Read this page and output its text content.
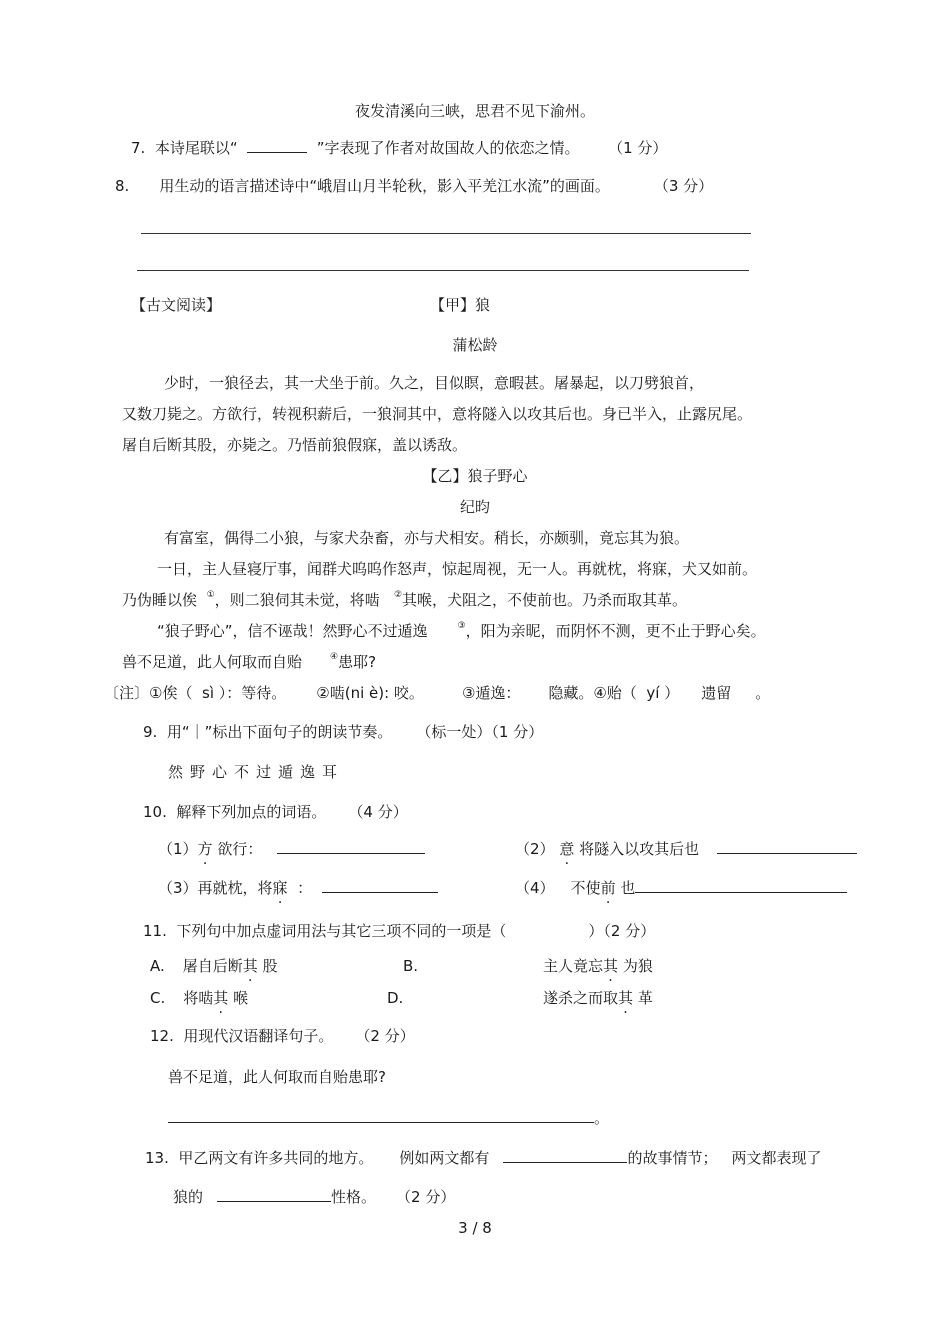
夜发清溪向三峡，思君不见下渝州。
7. 本诗尾联以“	”字表现了作者对故国故人的依恋之情。 （1 分）
8. 用生动的语言描述诗中“峨眉山月半轮秋，影入平羌江水流”的画面。	（3 分）
【古文阅读】	【甲】狼
蒲松龄
少时，一狼径去，其一犬坐于前。久之，目似瞑，意暇甚。屠暴起，以刀劈狼首，
又数刀毙之。方欲行，转视积薪后，一狼洞其中，意将隧入以攻其后也。身已半入，止露尻尾。
屠自后断其股，亦毙之。乃悟前狼假寐，盖以诱敌。
【乙】狼子野心
纪昀
有富室，偶得二小狼，与家犬杂畜，亦与犬相安。稍长，亦颇驯，竟忘其为狼。
一日，主人昼寝厅事，闻群犬呜呜作怒声，惊起周视，无一人。再就枕，将寐，犬又如前。
乃伪睡以俟 ①，则二狼伺其未觉，将啮 ②其喉，犬阻之，不使前也。乃杀而取其革。
“狼子野心”，信不诬哉！然野心不过遁逸	③，阳为亲昵，而阴怀不测，更不止于野心矣。
兽不足道，此人何取而自贻	④患耶?
〔注〕①俟（ sì ）：等待。 ②啮(ni è): 咬。	③遁逸： 隐藏。④贻（ yí ） 遗留 。
9. 用“｜”标出下面句子的朗读节奏。 （标一处）（1 分）
然 野 心 不 过 遁 逸 耳
10. 解释下列加点的词语。 （4 分）
（1）方 欲行：	（2） 意 将隧入以攻其后也
（3）再就枕，将寐 ：	（4） 不使前 也
11. 下列句中加点虚词用法与其它三项不同的一项是（	）（2 分）
A. 屠自后断其 股	B.	主人竟忘其 为狼
C. 将啮其 喉	D.	遂杀之而取其 革
12. 用现代汉语翻译句子。 （2 分）
兽不足道，此人何取而自贻患耶?
。
13. 甲乙两文有许多共同的地方。 例如两文都有	的故事情节； 两文都表现了
狼的	性格。 （2 分）
3 / 8
